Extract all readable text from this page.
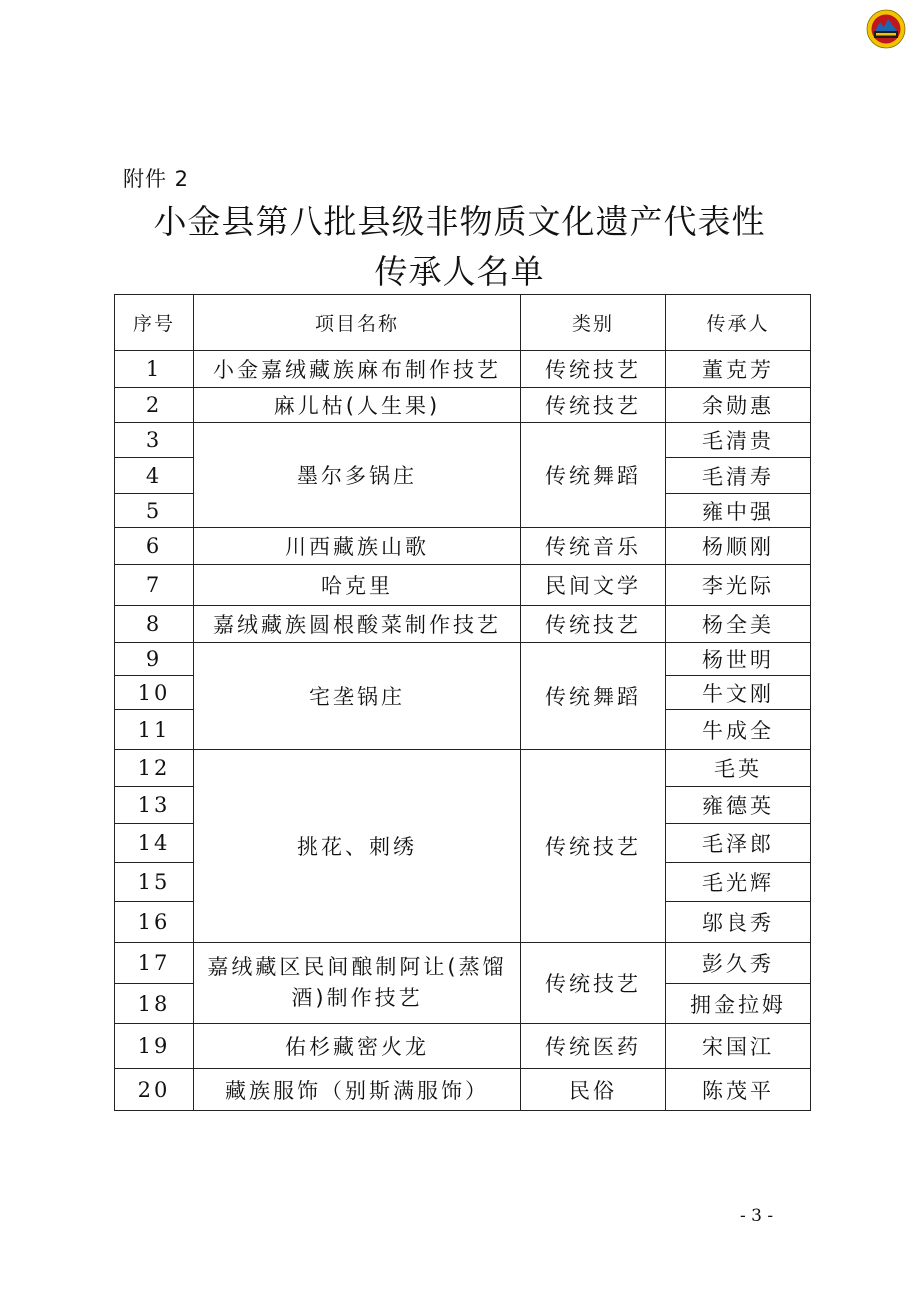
附件 2
小金县第八批县级非物质文化遗产代表性
传承人名单
序号	项目名称	类别	传承人
1	小金嘉绒藏族麻布制作技艺	传统技艺	董克芳
2	麻儿枯(人生果)	传统技艺	余勋惠
3	墨尔多锅庄	传统舞蹈	毛清贵
4			毛清寿
5			雍中强
6	川西藏族山歌	传统音乐	杨顺刚
7	哈克里	民间文学	李光际
8	嘉绒藏族圆根酸菜制作技艺	传统技艺	杨全美
9	宅垄锅庄	传统舞蹈	杨世明
10			牛文刚
11			牛成全
12	挑花、刺绣	传统技艺	毛英
13			雍德英
14			毛泽郎
15			毛光辉
16			邬良秀
17	嘉绒藏区民间酿制阿让(蒸馏酒)制作技艺	传统技艺	彭久秀
18			拥金拉姆
19	佑杉藏密火龙	传统医药	宋国江
20	藏族服饰（别斯满服饰）	民俗	陈茂平
- 3 -
